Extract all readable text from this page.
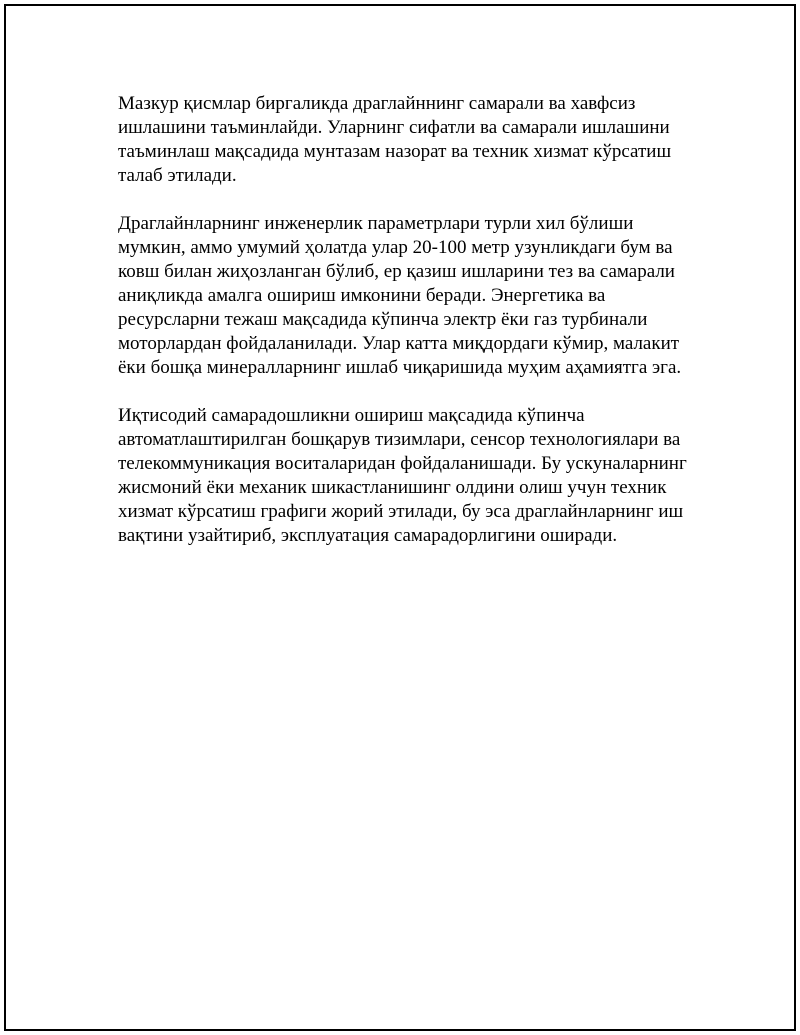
Мазкур қисмлар биргаликда драглайннинг самарали ва хавфсиз
ишлашини таъминлайди. Уларнинг сифатли ва самарали ишлашини
таъминлаш мақсадида мунтазам назорат ва техник хизмат кўрсатиш
талаб этилади.

Драглайнларнинг инженерлик параметрлари турли хил бўлиши
мумкин, аммо умумий ҳолатда улар 20-100 метр узунликдаги бум ва
ковш билан жиҳозланган бўлиб, ер қазиш ишларини тез ва самарали
аниқликда амалга ошириш имконини беради. Энергетика ва
ресурсларни тежаш мақсадида кўпинча электр ёки газ турбинали
моторлардан фойдаланилади. Улар катта миқдордаги кўмир, малакит
ёки бошқа минералларнинг ишлаб чиқаришида муҳим аҳамиятга эга.

Иқтисодий самарадошликни ошириш мақсадида кўпинча
автоматлаштирилган бошқарув тизимлари, сенсор технологиялари ва
телекоммуникация воситаларидан фойдаланишади. Бу ускуналарнинг
жисмоний ёки механик шикастланишинг олдини олиш учун техник
хизмат кўрсатиш графиги жорий этилади, бу эса драглайнларнинг иш
вақтини узайтириб, эксплуатация самарадорлигини оширади.
